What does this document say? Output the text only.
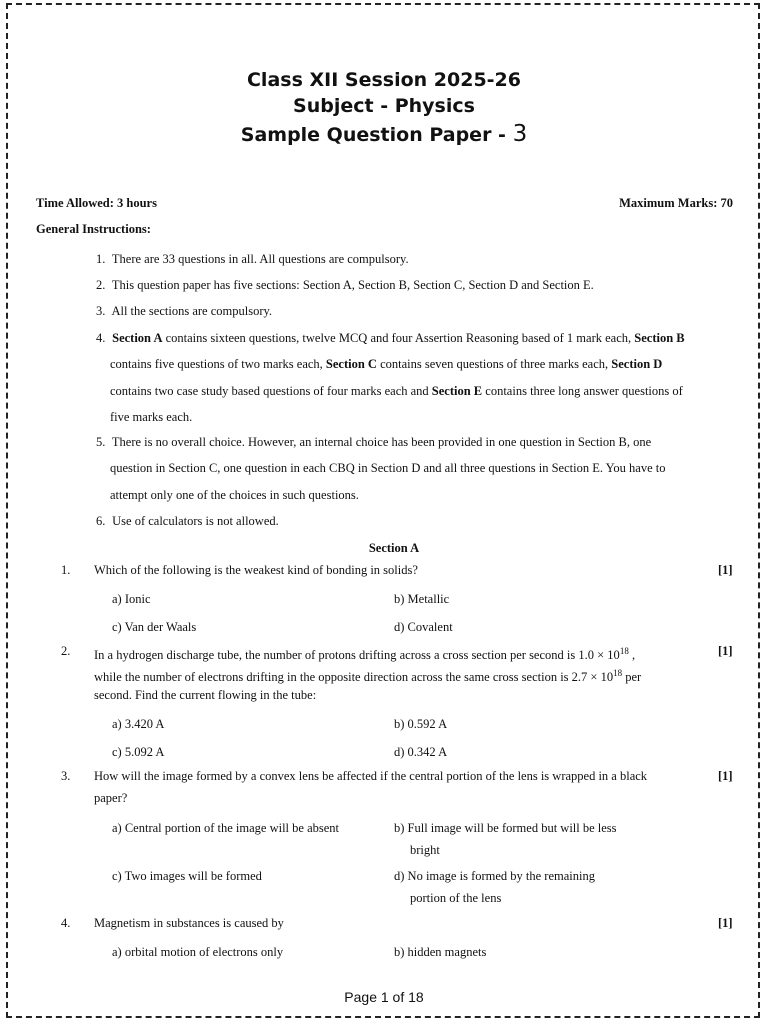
Class XII Session 2025-26
Subject - Physics
Sample Question Paper - 3
Time Allowed: 3 hours	Maximum Marks: 70
General Instructions:
1. There are 33 questions in all. All questions are compulsory.
2. This question paper has five sections: Section A, Section B, Section C, Section D and Section E.
3. All the sections are compulsory.
4. Section A contains sixteen questions, twelve MCQ and four Assertion Reasoning based of 1 mark each, Section B
contains five questions of two marks each, Section C contains seven questions of three marks each, Section D
contains two case study based questions of four marks each and Section E contains three long answer questions of
five marks each.
5. There is no overall choice. However, an internal choice has been provided in one question in Section B, one
question in Section C, one question in each CBQ in Section D and all three questions in Section E. You have to
attempt only one of the choices in such questions.
6. Use of calculators is not allowed.
Section A
1. Which of the following is the weakest kind of bonding in solids?	[1]
a) Ionic	b) Metallic
c) Van der Waals	d) Covalent
2. In a hydrogen discharge tube, the number of protons drifting across a cross section per second is $1.0 \times 10^{18}$ ,
while the number of electrons drifting in the opposite direction across the same cross section is $2.7 \times 10^{18}$ per
second. Find the current flowing in the tube:
[1]
a) 3.420 A	b) 0.592 A
c) 5.092 A	d) 0.342 A
3. How will the image formed by a convex lens be affected if the central portion of the lens is wrapped in a black
paper?
[1]
a) Central portion of the image will be absent	b) Full image will be formed but will be less
bright
c) Two images will be formed	d) No image is formed by the remaining
portion of the lens
4. Magnetism in substances is caused by	[1]
a) orbital motion of electrons only	b) hidden magnets
Page 1 of 18
